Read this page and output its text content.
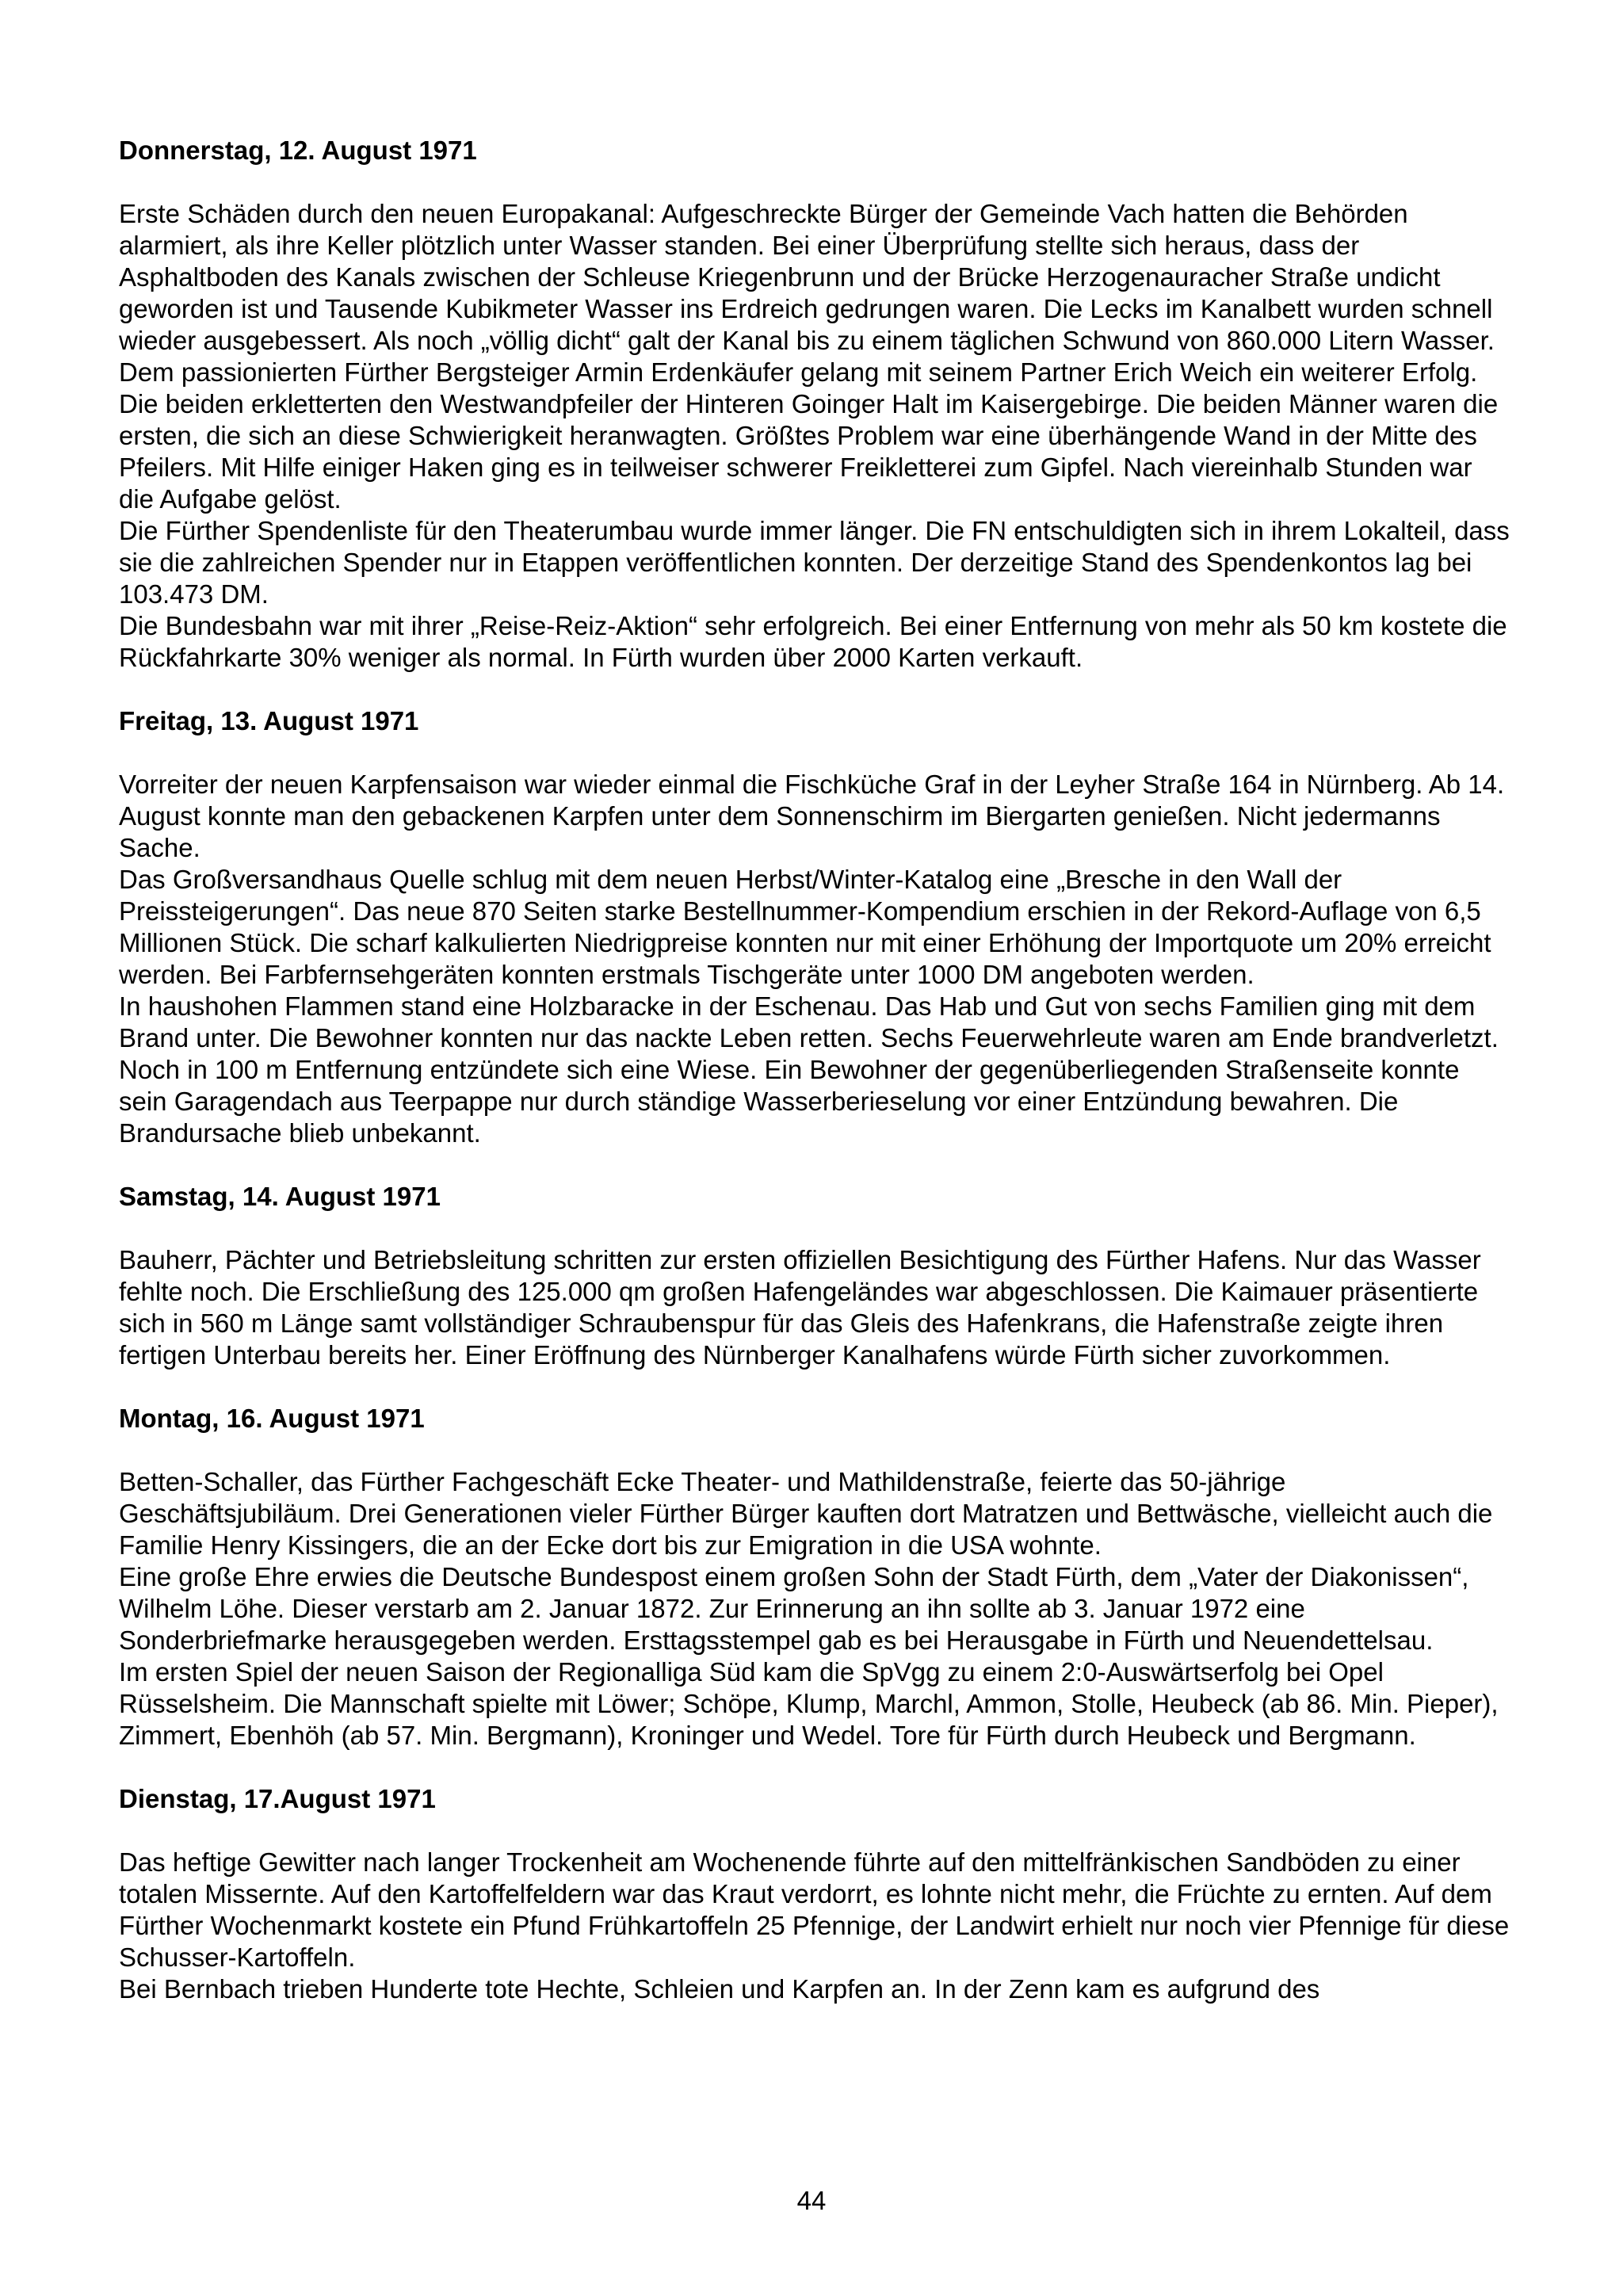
Donnerstag, 12. August 1971

Erste Schäden durch den neuen Europakanal: Aufgeschreckte Bürger der Gemeinde Vach hatten die Behörden alarmiert, als ihre Keller plötzlich unter Wasser standen. Bei einer Überprüfung stellte sich heraus, dass der Asphaltboden des Kanals zwischen der Schleuse Kriegenbrunn und der Brücke Herzogenauracher Straße undicht geworden ist und Tausende Kubikmeter Wasser ins Erdreich gedrungen waren. Die Lecks im Kanalbett wurden schnell wieder ausgebessert. Als noch „völlig dicht“ galt der Kanal bis zu einem täglichen Schwund von 860.000 Litern Wasser.

Dem passionierten Fürther Bergsteiger Armin Erdenkäufer gelang mit seinem Partner Erich Weich ein weiterer Erfolg. Die beiden erkletterten den Westwandpfeiler der Hinteren Goinger Halt im Kaisergebirge. Die beiden Männer waren die ersten, die sich an diese Schwierigkeit heranwagten. Größtes Problem war eine überhängende Wand in der Mitte des Pfeilers. Mit Hilfe einiger Haken ging es in teilweiser schwerer Freikletterei zum Gipfel. Nach viereinhalb Stunden war die Aufgabe gelöst.

Die Fürther Spendenliste für den Theaterumbau wurde immer länger. Die FN entschuldigten sich in ihrem Lokalteil, dass sie die zahlreichen Spender nur in Etappen veröffentlichen konnten. Der derzeitige Stand des Spendenkontos lag bei 103.473 DM.

Die Bundesbahn war mit ihrer „Reise-Reiz-Aktion“ sehr erfolgreich. Bei einer Entfernung von mehr als 50 km kostete die Rückfahrkarte 30% weniger als normal. In Fürth wurden über 2000 Karten verkauft.

Freitag, 13. August 1971

Vorreiter der neuen Karpfensaison war wieder einmal die Fischküche Graf in der Leyher Straße 164 in Nürnberg. Ab 14. August konnte man den gebackenen Karpfen unter dem Sonnenschirm im Biergarten genießen. Nicht jedermanns Sache.

Das Großversandhaus Quelle schlug mit dem neuen Herbst/Winter-Katalog eine „Bresche in den Wall der Preissteigerungen“. Das neue 870 Seiten starke Bestellnummer-Kompendium erschien in der Rekord-Auflage von 6,5 Millionen Stück. Die scharf kalkulierten Niedrigpreise konnten nur mit einer Erhöhung der Importquote um 20% erreicht werden. Bei Farbfernsehgeräten konnten erstmals Tischgeräte unter 1000 DM angeboten werden.

In haushohen Flammen stand eine Holzbaracke in der Eschenau. Das Hab und Gut von sechs Familien ging mit dem Brand unter. Die Bewohner konnten nur das nackte Leben retten. Sechs Feuerwehrleute waren am Ende brandverletzt. Noch in 100 m Entfernung entzündete sich eine Wiese. Ein Bewohner der gegenüberliegenden Straßenseite konnte sein Garagendach aus Teerpappe nur durch ständige Wasserberieselung vor einer Entzündung bewahren. Die Brandursache blieb unbekannt.

Samstag, 14. August 1971

Bauherr, Pächter und Betriebsleitung schritten zur ersten offiziellen Besichtigung des Fürther Hafens. Nur das Wasser fehlte noch. Die Erschließung des 125.000 qm großen Hafengeländes war abgeschlossen. Die Kaimauer präsentierte sich in 560 m Länge samt vollständiger Schraubenspur für das Gleis des Hafenkrans, die Hafenstraße zeigte ihren fertigen Unterbau bereits her. Einer Eröffnung des Nürnberger Kanalhafens würde Fürth sicher zuvorkommen.

Montag, 16. August 1971

Betten-Schaller, das Fürther Fachgeschäft Ecke Theater- und Mathildenstraße, feierte das 50-jährige Geschäftsjubiläum. Drei Generationen vieler Fürther Bürger kauften dort Matratzen und Bettwäsche, vielleicht auch die Familie Henry Kissingers, die an der Ecke dort bis zur Emigration in die USA wohnte.

Eine große Ehre erwies die Deutsche Bundespost einem großen Sohn der Stadt Fürth, dem „Vater der Diakonissen“, Wilhelm Löhe. Dieser verstarb am 2. Januar 1872. Zur Erinnerung an ihn sollte ab 3. Januar 1972 eine Sonderbriefmarke herausgegeben werden. Ersttagsstempel gab es bei Herausgabe in Fürth und Neuendettelsau.

Im ersten Spiel der neuen Saison der Regionalliga Süd kam die SpVgg zu einem 2:0-Auswärtserfolg bei Opel Rüsselsheim. Die Mannschaft spielte mit Löwer; Schöpe, Klump, Marchl, Ammon, Stolle, Heubeck (ab 86. Min. Pieper), Zimmert, Ebenhöh (ab 57. Min. Bergmann), Kroninger und Wedel. Tore für Fürth durch Heubeck und Bergmann.

Dienstag, 17.August 1971

Das heftige Gewitter nach langer Trockenheit am Wochenende führte auf den mittelfränkischen Sandböden zu einer totalen Missernte. Auf den Kartoffelfeldern war das Kraut verdorrt, es lohnte nicht mehr, die Früchte zu ernten. Auf dem Fürther Wochenmarkt kostete ein Pfund Frühkartoffeln 25 Pfennige, der Landwirt erhielt nur noch vier Pfennige für diese Schusser-Kartoffeln.

Bei Bernbach trieben Hunderte tote Hechte, Schleien und Karpfen an. In der Zenn kam es aufgrund des

44
